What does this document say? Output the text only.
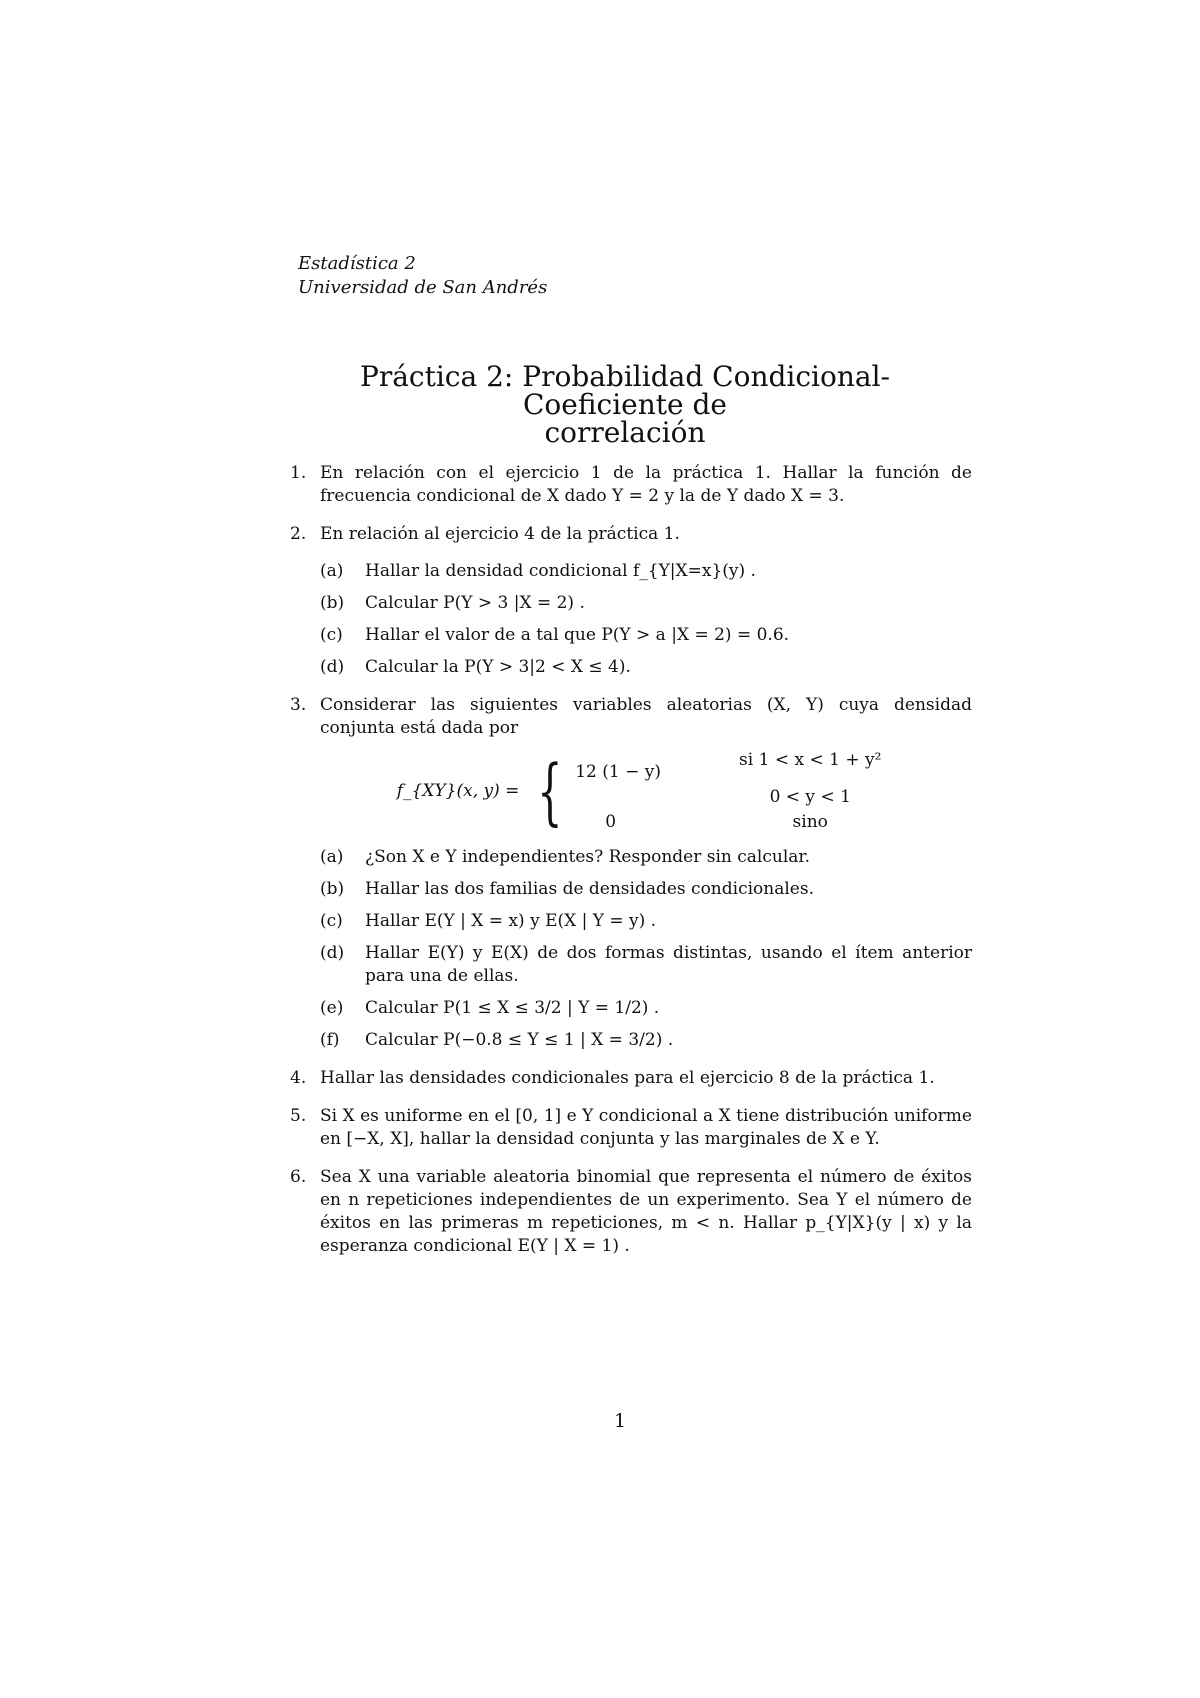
Estadística 2
Universidad de San Andrés
Práctica 2: Probabilidad Condicional-Coeficiente de
correlación
1. En relación con el ejercicio 1 de la práctica 1. Hallar la función de frecuencia condicional de X dado Y = 2 y la de Y dado X = 3.

2. En relación al ejercicio 4 de la práctica 1.

(a) Hallar la densidad condicional f_{Y|X=x}(y) .

(b) Calcular P(Y > 3 |X = 2) .

(c) Hallar el valor de a tal que P(Y > a |X = 2) = 0.6.

(d) Calcular la P(Y > 3|2 < X ≤ 4).

3. Considerar las siguientes variables aleatorias (X, Y) cuya densidad conjunta está dada por

f_{XY}(x, y) = { 12 (1 − y)
si 1 < x < 1 + y²
0 < y < 1
0	sino
(a) ¿Son X e Y independientes? Responder sin calcular.

(b) Hallar las dos familias de densidades condicionales.

(c) Hallar E(Y | X = x) y E(X | Y = y) .

(d) Hallar E(Y) y E(X) de dos formas distintas, usando el ítem anterior para una de ellas.

(e) Calcular P(1 ≤ X ≤ 3/2 | Y = 1/2) .

(f) Calcular P(−0.8 ≤ Y ≤ 1 | X = 3/2) .

4. Hallar las densidades condicionales para el ejercicio 8 de la práctica 1.

5. Si X es uniforme en el [0, 1] e Y condicional a X tiene distribución uniforme en [−X, X], hallar la densidad conjunta y las marginales de X e Y.

6. Sea X una variable aleatoria binomial que representa el número de éxitos en n repeticiones independientes de un experimento. Sea Y el número de éxitos en las primeras m repeticiones, m < n. Hallar p_{Y|X}(y | x) y la esperanza condicional E(Y | X = 1) .

1
